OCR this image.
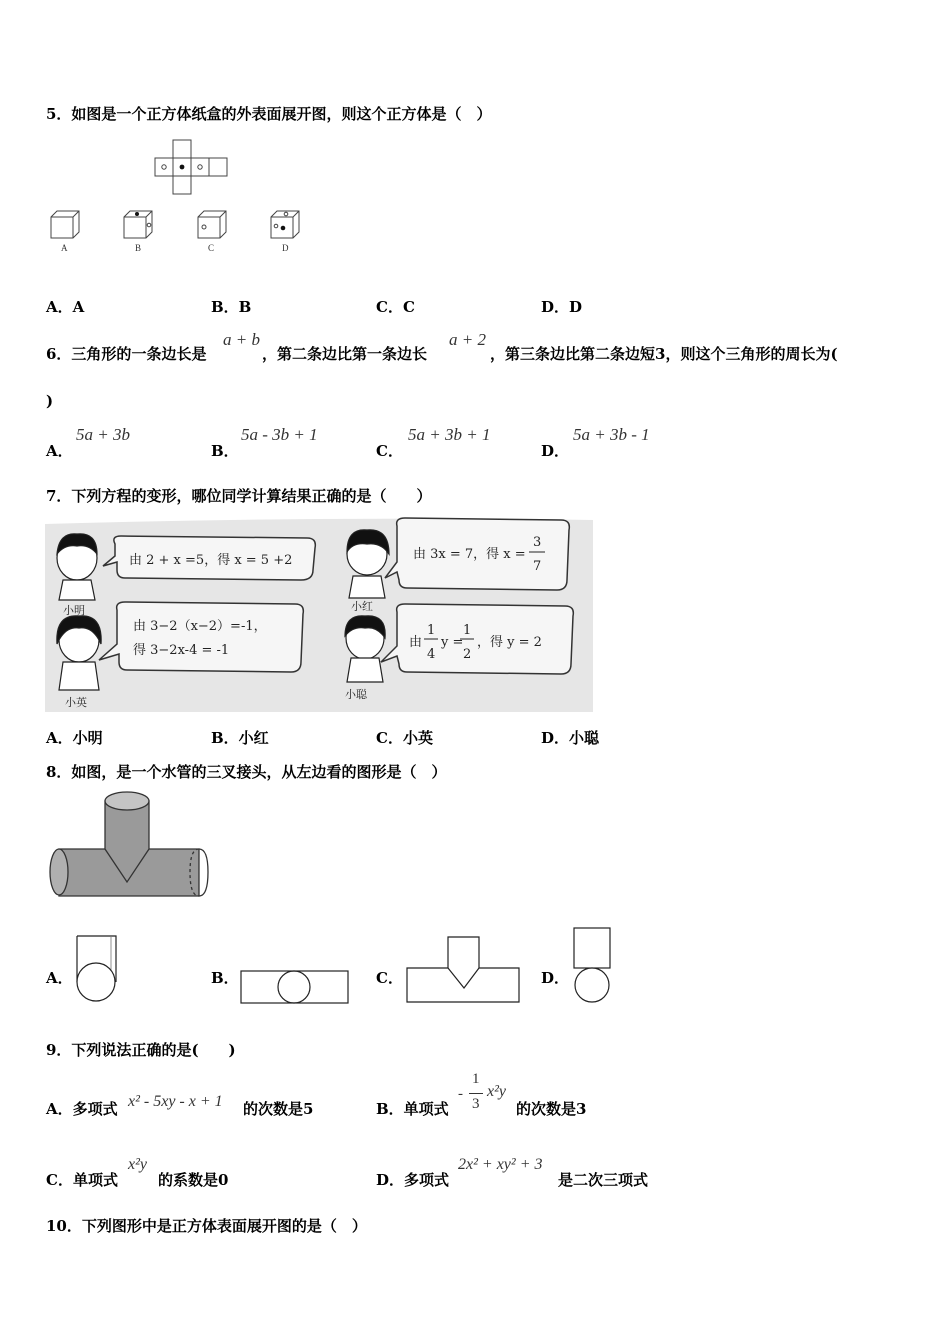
5．如图是一个正方体纸盒的外表面展开图，则这个正方体是（　）
A	B	C	D
A．A	B．B	C．C	D．D
6．三角形的一条边长是
a + b
，第二条边比第一条边长
a + 2
，第三条边比第二条边短3，则这个三角形的周长为(
)
A．
5a + 3b
B．
5a - 3b + 1
C．
5a + 3b + 1
D．
5a + 3b - 1
7．下列方程的变形，哪位同学计算结果正确的是（　　）
由 2 + x =5，得 x = 5 +2	由 3x = 7，得 x =
3
7
由 3−2（x−2）=-1，
得 3−2x-4 = -1
由
1
4
y =
1
2
，得 y = 2
小明	小红
小英
小聪
A．小明	B．小红	C．小英	D．小聪
8．如图，是一个水管的三叉接头，从左边看的图形是（　）
A．	B．	C．	D．
9．下列说法正确的是(　　)
A．多项式 x² - 5xy - x + 1 的次数是5	B．单项式
-
1
3
x²y
的次数是3
C．单项式
x²y
的系数是0	D．多项式
2x² + xy² + 3
是二次三项式
10．下列图形中是正方体表面展开图的是（　）
